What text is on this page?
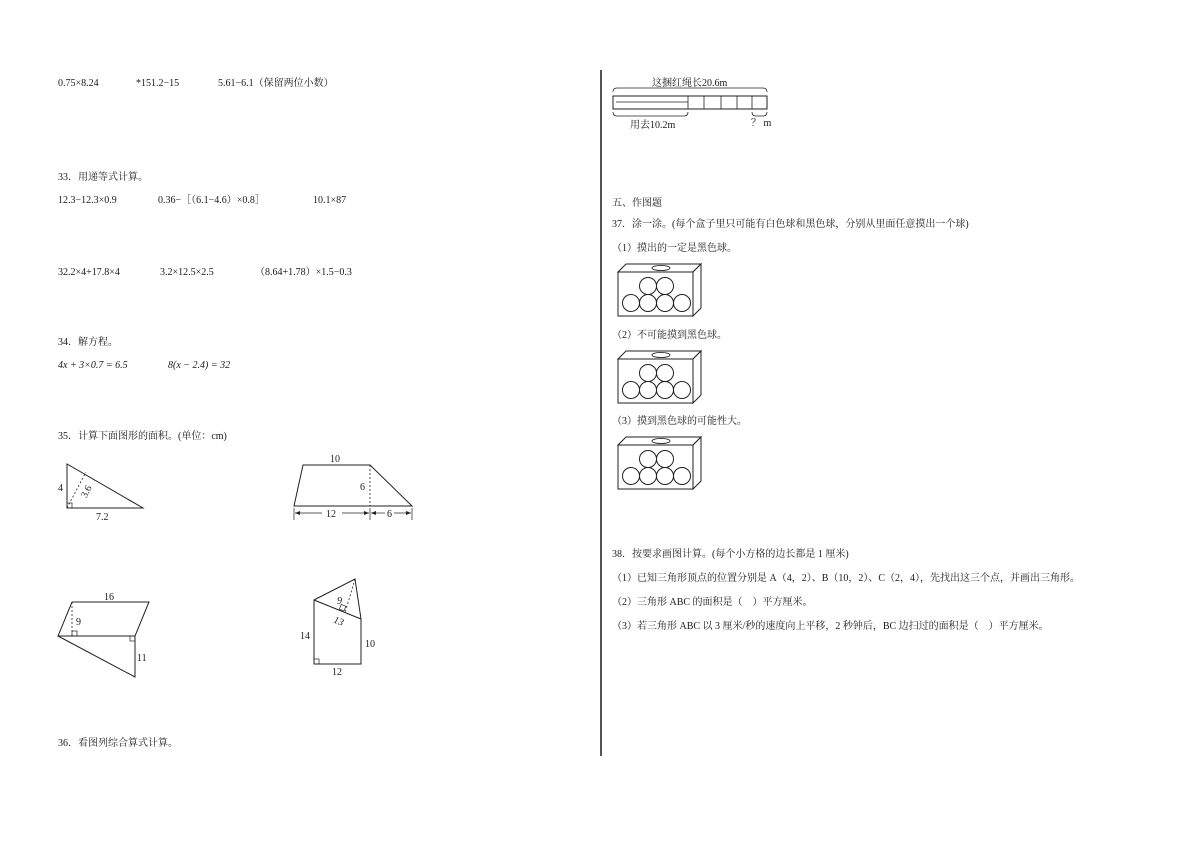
0.75×8.24	*151.2−15	5.61−6.1（保留两位小数）
33．用递等式计算。
12.3−12.3×0.9	0.36−［（6.1−4.6）×0.8］	10.1×87
32.2×4+17.8×4	3.2×12.5×2.5	（8.64+1.78）×1.5−0.3
34．解方程。
4x + 3×0.7 = 6.5	8(x − 2.4) = 32
35．计算下面图形的面积。(单位：cm)
4 3.6
7.2
10
6
12	6
16
9
11
9
13
14
10
12
36．看图列综合算式计算。
这捆红绳长20.6m
用去10.2m	？ m
五、作图题
37．涂一涂。(每个盒子里只可能有白色球和黑色球，分别从里面任意摸出一个球)
（1）摸出的一定是黑色球。
（2）不可能摸到黑色球。
（3）摸到黑色球的可能性大。
38．按要求画图计算。(每个小方格的边长都是 1 厘米)
（1）已知三角形顶点的位置分别是 A（4，2）、B（10，2）、C（2，4），先找出这三个点，并画出三角形。
（2）三角形 ABC 的面积是（　）平方厘米。
（3）若三角形 ABC 以 3 厘米/秒的速度向上平移，2 秒钟后，BC 边扫过的面积是（　）平方厘米。
